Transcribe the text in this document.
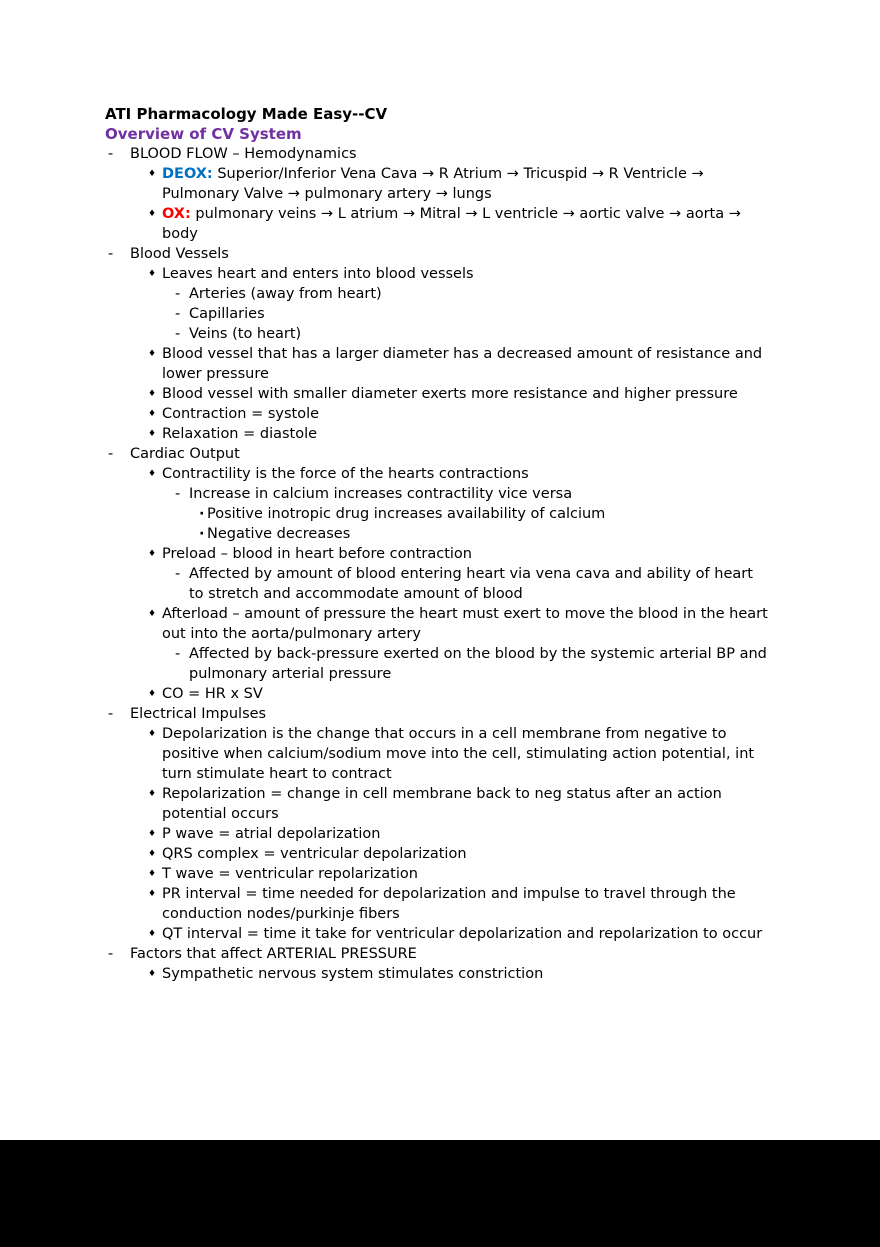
ATI Pharmacology Made Easy--CV
Overview of CV System
- BLOOD FLOW – Hemodynamics
♦ DEOX: Superior/Inferior Vena Cava → R Atrium → Tricuspid → R Ventricle → Pulmonary Valve → pulmonary artery → lungs
♦ OX: pulmonary veins → L atrium → Mitral → L ventricle → aortic valve → aorta → body
- Blood Vessels
♦ Leaves heart and enters into blood vessels
- Arteries (away from heart)
- Capillaries
- Veins (to heart)
♦ Blood vessel that has a larger diameter has a decreased amount of resistance and lower pressure
♦ Blood vessel with smaller diameter exerts more resistance and higher pressure
♦ Contraction = systole
♦ Relaxation = diastole
- Cardiac Output
♦ Contractility is the force of the hearts contractions
- Increase in calcium increases contractility vice versa
· Positive inotropic drug increases availability of calcium
· Negative decreases
♦ Preload – blood in heart before contraction
- Affected by amount of blood entering heart via vena cava and ability of heart to stretch and accommodate amount of blood
♦ Afterload – amount of pressure the heart must exert to move the blood in the heart out into the aorta/pulmonary artery
- Affected by back-pressure exerted on the blood by the systemic arterial BP and pulmonary arterial pressure
♦ CO = HR x SV
- Electrical Impulses
♦ Depolarization is the change that occurs in a cell membrane from negative to positive when calcium/sodium move into the cell, stimulating action potential, int turn stimulate heart to contract
♦ Repolarization = change in cell membrane back to neg status after an action potential occurs
♦ P wave = atrial depolarization
♦ QRS complex = ventricular depolarization
♦ T wave = ventricular repolarization
♦ PR interval = time needed for depolarization and impulse to travel through the conduction nodes/purkinje fibers
♦ QT interval = time it take for ventricular depolarization and repolarization to occur
- Factors that affect ARTERIAL PRESSURE
♦ Sympathetic nervous system stimulates constriction
